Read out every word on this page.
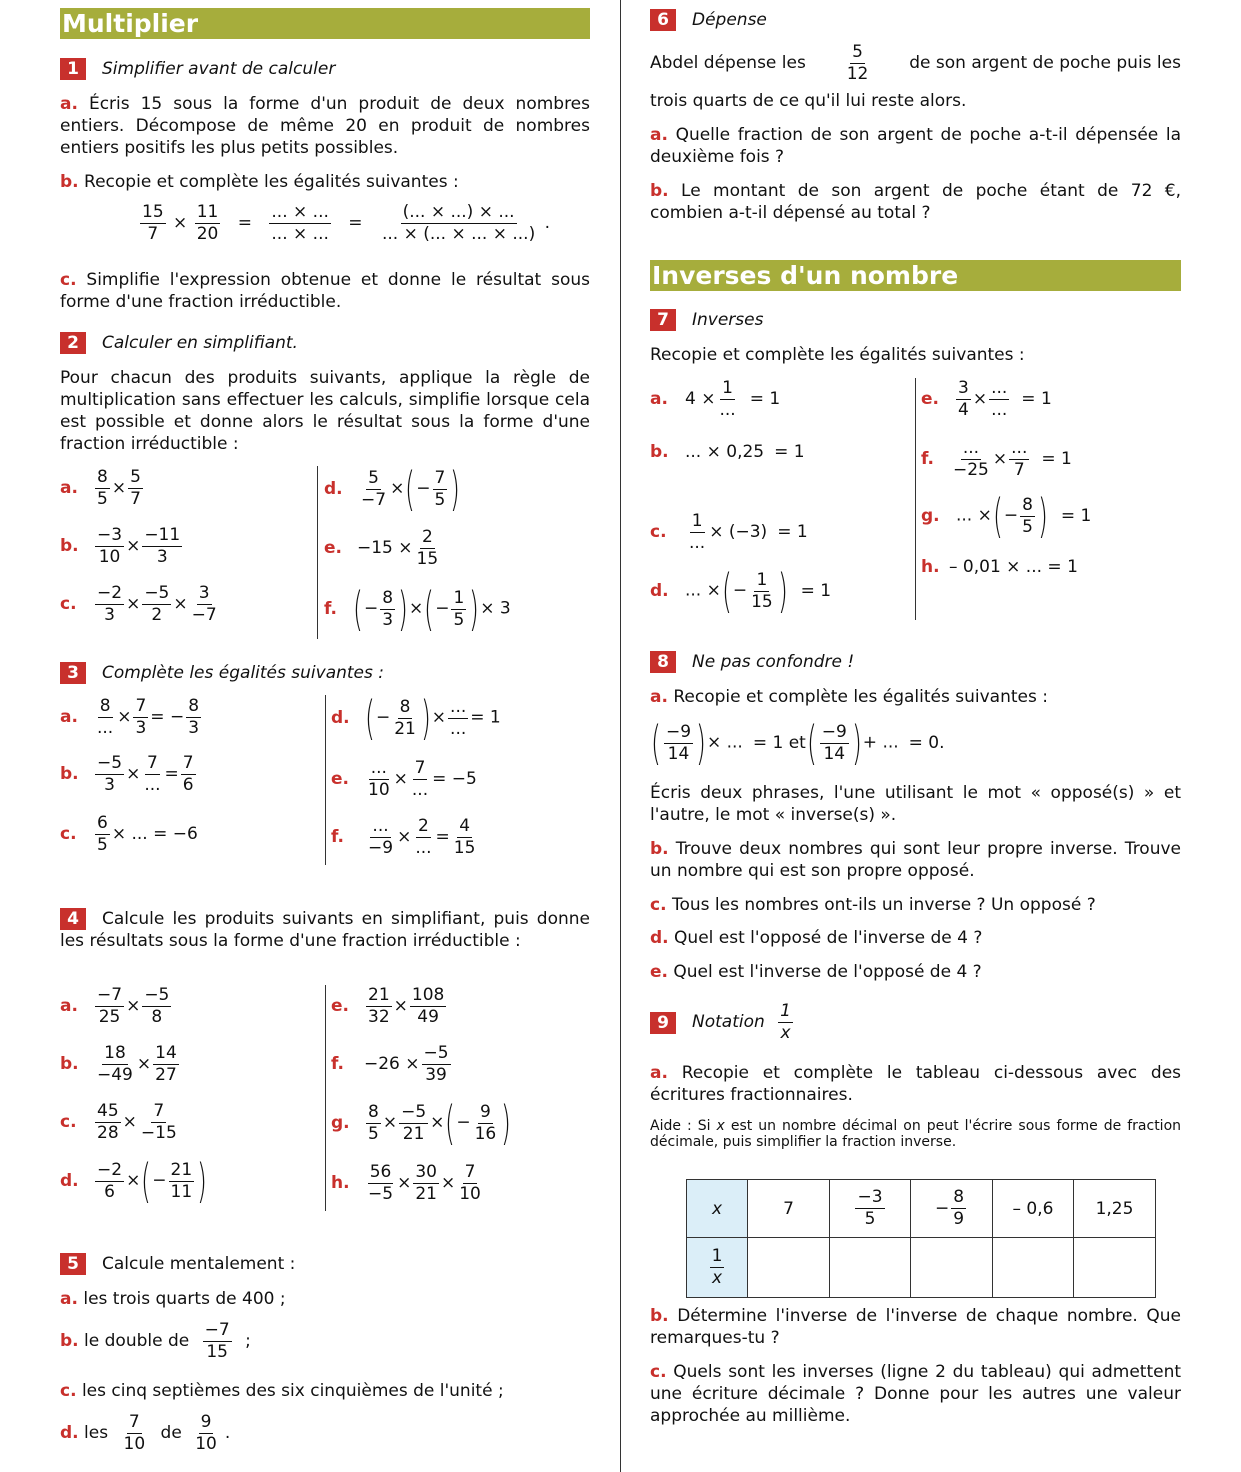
Multiplier
1 Simplifier avant de calculer
a. Écris 15 sous la forme d'un produit de deux nombres entiers. Décompose de même 20 en produit de nombres entiers positifs les plus petits possibles.
b. Recopie et complète les égalités suivantes :
$\frac{15}{7} \times \frac{11}{20} = \frac{... \times ...}{... \times ...} = \frac{(... \times ...) \times ...}{... \times (... \times ... \times ...)}$ .
c. Simplifie l'expression obtenue et donne le résultat sous forme d'une fraction irréductible.
2 Calculer en simplifiant.
Pour chacun des produits suivants, applique la règle de multiplication sans effectuer les calculs, simplifie lorsque cela est possible et donne alors le résultat sous la forme d'une fraction irréductible :
a. $\frac{8}{5} \times \frac{5}{7}$
b. $\frac{-3}{10} \times \frac{-11}{3}$
c. $\frac{-2}{3} \times \frac{-5}{2} \times \frac{3}{-7}$
d. $\frac{5}{-7}$ ×(− $\frac{7}{5}$ )
e. $-15 \times \frac{2}{15}$
f. (− $\frac{8}{3}$ )×(− $\frac{1}{5}$ )× 3
3 Complète les égalités suivantes :
a. $\frac{8}{...} \times \frac{7}{3}$ = − $\frac{8}{3}$
b. $\frac{-5}{3} \times \frac{7}{...} = \frac{7}{6}$
c. $\frac{6}{5}$ × ... = −6
d. (− $\frac{8}{21}$ )× $\frac{...}{...} = 1$
e. $\frac{...}{10} \times \frac{7}{...} = -5$
f. $\frac{...}{-9} \times \frac{2}{...} = \frac{4}{15}$
4 Calcule les produits suivants en simplifiant, puis donne les résultats sous la forme d'une fraction irréductible :
a. $\frac{-7}{25} \times \frac{-5}{8}$
b. $\frac{18}{-49} \times \frac{14}{27}$
c. $\frac{45}{28} \times \frac{7}{-15}$
d. $\frac{-2}{6}$ ×(− $\frac{21}{11}$ )
e. $\frac{21}{32} \times \frac{108}{49}$
f. $-26 \times \frac{-5}{39}$
g. $\frac{8}{5} \times \frac{-5}{21}$ ×(− $\frac{9}{16}$ )
h. $\frac{56}{-5} \times \frac{30}{21} \times \frac{7}{10}$
5 Calcule mentalement :
a. les trois quarts de 400 ;
b. le double de $\frac{-7}{15}$ ;
c. les cinq septièmes des six cinquièmes de l'unité ;
d. les $\frac{7}{10}$ de $\frac{9}{10}$ .
6 Dépense
Abdel dépense les $\frac{5}{12}$ de son argent de poche puis les
trois quarts de ce qu'il lui reste alors.
a. Quelle fraction de son argent de poche a-t-il dépensée la deuxième fois ?
b. Le montant de son argent de poche étant de 72 €, combien a-t-il dépensé au total ?
Inverses d'un nombre
7 Inverses
Recopie et complète les égalités suivantes :
a. $4 \times \frac{1}{...} = 1$
b. ... × 0,25 = 1
c. $\frac{1}{...} \times (-3) = 1$
d. ... ×(− $\frac{1}{15}$ ) = 1
e. $\frac{3}{4} \times \frac{...}{...} = 1$
f. $\frac{...}{-25} \times \frac{...}{7} = 1$
g. ... ×(− $\frac{8}{5}$ ) = 1
h. – 0,01 × ... = 1
8 Ne pas confondre !
a. Recopie et complète les égalités suivantes :
( $\frac{-9}{14}$ )× ... = 1 $et( \frac{-9}{14}$ )+ ... = 0.
Écris deux phrases, l'une utilisant le mot « opposé(s) » et l'autre, le mot « inverse(s) ».
b. Trouve deux nombres qui sont leur propre inverse. Trouve un nombre qui est son propre opposé.
c. Tous les nombres ont-ils un inverse ? Un opposé ?
d. Quel est l'opposé de l'inverse de 4 ?
e. Quel est l'inverse de l'opposé de 4 ?
9 Notation $\frac{1}{x}$
a. Recopie et complète le tableau ci-dessous avec des écritures fractionnaires.
Aide : Si x est un nombre décimal on peut l'écrire sous forme de fraction décimale, puis simplifier la fraction inverse.
x	7	$\frac{-3}{5}$	− $\frac{8}{9}$	– 0,6	1,25

$\frac{1}{x}$

b. Détermine l'inverse de l'inverse de chaque nombre. Que remarques-tu ?
c. Quels sont les inverses (ligne 2 du tableau) qui admettent une écriture décimale ? Donne pour les autres une valeur approchée au millième.
